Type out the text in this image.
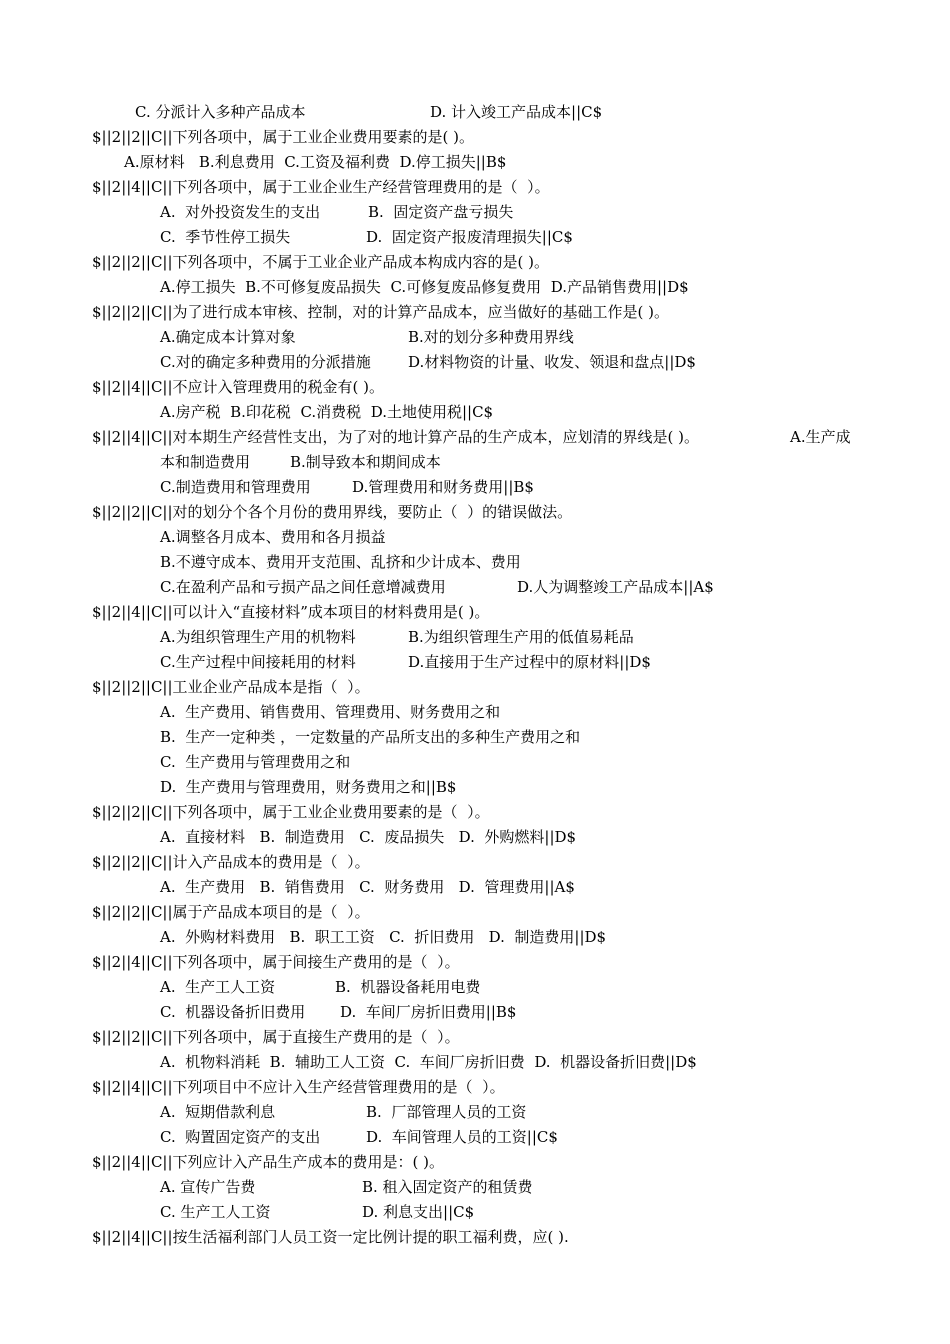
C. 分派计入多种产品成本	D. 计入竣工产品成本||C$
$||2||2||C||下列各项中，属于工业企业费用要素的是( )。
A.原材料   B.利息费用  C.工资及福利费  D.停工损失||B$
$||2||4||C||下列各项中，属于工业企业生产经营管理费用的是（  ）。
A.  对外投资发生的支出	B.  固定资产盘亏损失
C.  季节性停工损失	D.  固定资产报废清理损失||C$
$||2||2||C||下列各项中，不属于工业企业产品成本构成内容的是( )。
A.停工损失  B.不可修复废品损失  C.可修复废品修复费用  D.产品销售费用||D$
$||2||2||C||为了进行成本审核、控制，对的计算产品成本，应当做好的基础工作是( )。
A.确定成本计算对象	B.对的划分多种费用界线
C.对的确定多种费用的分派措施 D.材料物资的计量、收发、领退和盘点||D$
$||2||4||C||不应计入管理费用的税金有( )。
A.房产税  B.印花税  C.消费税  D.土地使用税||C$
$||2||4||C||对本期生产经营性支出，为了对的地计算产品的生产成本，应划清的界线是( )。	A.生产成
本和制造费用	B.制导致本和期间成本
C.制造费用和管理费用	D.管理费用和财务费用||B$
$||2||2||C||对的划分个各个月份的费用界线，要防止（  ）的错误做法。
A.调整各月成本、费用和各月损益
B.不遵守成本、费用开支范围、乱挤和少计成本、费用
C.在盈利产品和亏损产品之间任意增减费用	D.人为调整竣工产品成本||A$
$||2||4||C||可以计入“直接材料”成本项目的材料费用是( )。
A.为组织管理生产用的机物料	B.为组织管理生产用的低值易耗品
C.生产过程中间接耗用的材料	D.直接用于生产过程中的原材料||D$
$||2||2||C||工业企业产品成本是指（  ）。
A.  生产费用、销售费用、管理费用、财务费用之和
B.  生产一定种类 ，一定数量的产品所支出的多种生产费用之和
C.  生产费用与管理费用之和
D.  生产费用与管理费用，财务费用之和||B$
$||2||2||C||下列各项中，属于工业企业费用要素的是（  ）。
A.  直接材料   B.  制造费用   C.  废品损失   D.  外购燃料||D$
$||2||2||C||计入产品成本的费用是（  ）。
A.  生产费用   B.  销售费用   C.  财务费用   D.  管理费用||A$
$||2||2||C||属于产品成本项目的是（  ）。
A.  外购材料费用   B.  职工工资   C.  折旧费用   D.  制造费用||D$
$||2||4||C||下列各项中，属于间接生产费用的是（  ）。
A.  生产工人工资	B.  机器设备耗用电费
C.  机器设备折旧费用 D.  车间厂房折旧费用||B$
$||2||2||C||下列各项中，属于直接生产费用的是（  ）。
A.  机物料消耗  B.  辅助工人工资  C.  车间厂房折旧费  D.  机器设备折旧费||D$
$||2||4||C||下列项目中不应计入生产经营管理费用的是（  ）。
A.  短期借款利息	B.  厂部管理人员的工资
C.  购置固定资产的支出	D.  车间管理人员的工资||C$
$||2||4||C||下列应计入产品生产成本的费用是：( )。
A. 宣传广告费	B. 租入固定资产的租赁费
C. 生产工人工资	D. 利息支出||C$
$||2||4||C||按生活福利部门人员工资一定比例计提的职工福利费，应( ).
